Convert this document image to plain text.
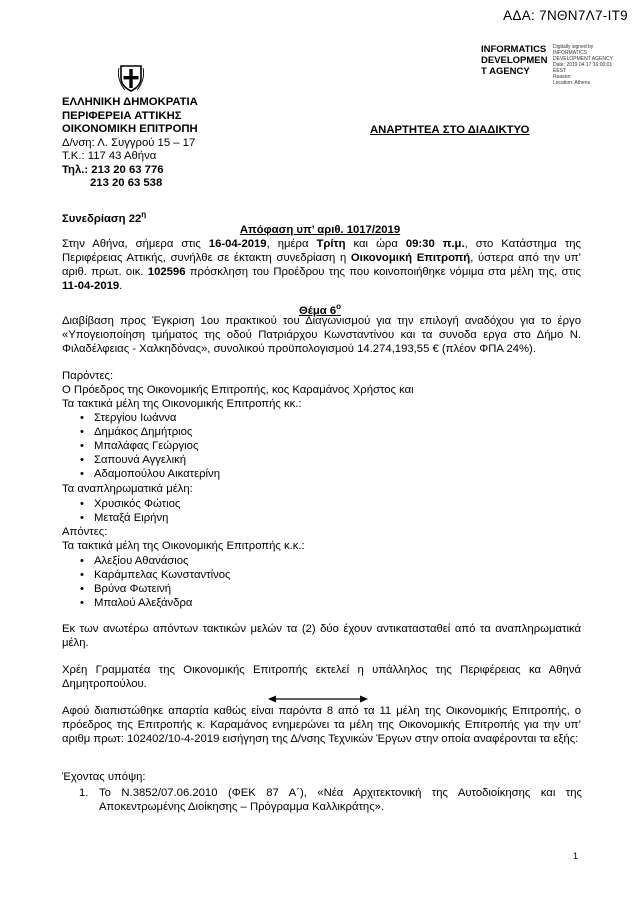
ΑΔΑ: 7ΝΘΝ7Λ7-ΙΤ9
INFORMATICS
DEVELOPMEN
T AGENCY
Digitally signed by
INFORMATICS
DEVELOPMENT AGENCY
Date: 2019.04.17 16:00:01
EEST
Reason:
Location: Athens
ΕΛΛΗΝΙΚΗ ΔΗΜΟΚΡΑΤΙΑ
ΠΕΡΙΦΕΡΕΙΑ ΑΤΤΙΚΗΣ
ΟΙΚΟΝΟΜΙΚΗ ΕΠΙΤΡΟΠΗ
Δ/νση: Λ. Συγγρού 15 – 17
Τ.Κ.: 117 43 Αθήνα
Τηλ.: 213 20 63 776
213 20 63 538
ΑΝΑΡΤΗΤΕΑ ΣΤΟ ΔΙΑΔΙΚΤΥΟ
Συνεδρίαση $22^\eta$
Απόφαση υπ’ αριθ. 1017/2019
Στην Αθήνα, σήμερα στις 16-04-2019, ημέρα Τρίτη και ώρα 09:30 π.μ., στο Κατάστημα της Περιφέρειας Αττικής, συνήλθε σε έκτακτη συνεδρίαση η Οικονομική Επιτροπή, ύστερα από την υπ’ αριθ. πρωτ. οικ. 102596 πρόσκληση του Προέδρου της που κοινοποιήθηκε νόμιμα στα μέλη της, στις 11-04-2019.
Θέμα $6^o$
Διαβίβαση προς Έγκριση 1ου πρακτικού του Διαγωνισμού για την επιλογή αναδόχου για το έργο «Υπογειοποίηση τμήματος της οδού Πατριάρχου Κωνσταντίνου και τα συνοδα εργα στο Δήμο Ν. Φιλαδέλφειας - Χαλκηδόνας», συνολικού προϋπολογισμού 14.274,193,55 € (πλέον ΦΠΑ 24%).
Παρόντες:
Ο Πρόεδρος της Οικονομικής Επιτροπής, κος Καραμάνος Χρήστος και
Τα τακτικά μέλη της Οικονομικής Επιτροπής κκ.:
• Στεργίου Ιωάννα
• Δημάκος Δημήτριος
• Μπαλάφας Γεώργιος
• Σαπουνά Αγγελική
• Αδαμοπούλου Αικατερίνη
Τα αναπληρωματικά μέλη:
• Χρυσικός Φώτιος
• Μεταξά Ειρήνη
Απόντες:
Τα τακτικά μέλη της Οικονομικής Επιτροπής κ.κ.:
• Αλεξίου Αθανάσιος
• Καράμπελας Κωνσταντίνος
• Βρύνα Φωτεινή
• Μπαλού Αλεξάνδρα
Εκ των ανωτέρω απόντων τακτικών μελών τα (2) δύο έχουν αντικατασταθεί από τα αναπληρωματικά μέλη.
Χρέη Γραμματέα της Οικονομικής Επιτροπής εκτελεί η υπάλληλος της Περιφέρειας κα Αθηνά Δημητροπούλου.
Αφού διαπιστώθηκε απαρτία καθώς είναι παρόντα 8 από τα 11 μέλη της Οικονομικής Επιτροπής, ο πρόεδρος της Επιτροπής κ. Καραμάνος ενημερώνει τα μέλη της Οικονομικής Επιτροπής για την υπ’ αριθμ πρωτ: 102402/10-4-2019 εισήγηση της Δ/νσης Τεχνικών Έργων στην οποία αναφέρονται τα εξής:
Έχοντας υπόψη:
1. Το Ν.3852/07.06.2010 (ΦΕΚ 87 Α΄), «Νέα Αρχιτεκτονική της Αυτοδιοίκησης και της Αποκεντρωμένης Διοίκησης – Πρόγραμμα Καλλικράτης».
1
